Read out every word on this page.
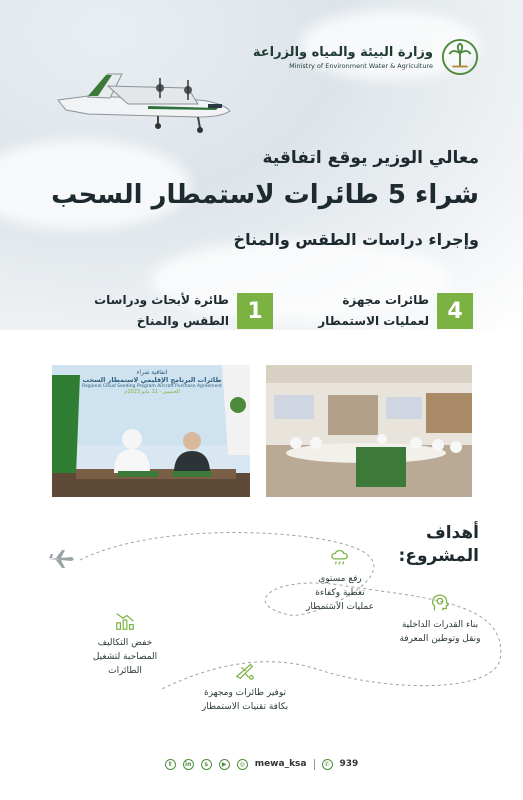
وزارة البيئة والمياه والزراعة
Ministry of Environment Water & Agriculture
معالي الوزير يوقع اتفاقية
شراء 5 طائرات لاستمطار السحب
وإجراء دراسات الطقس والمناخ
4
طائرات مجهزة
لعمليات الاستمطار
1
طائرة لأبحاث ودراسات
الطقس والمناخ
اتفاقية شراء
طائرات البرنامج الإقليمي لاستمطار السحب
Regional Cloud Seeding Program Aircraft Purchase Agreement
الخميس - 11 مايو 2023م
أهداف
المشروع:
رفع مستوى
تغطية وكفاءة
عمليات الاستمطار
بناء القدرات الداخلية
ونقل وتوطين المعرفة
خفض التكاليف
المصاحبة لتشغيل
الطائرات
توفير طائرات ومجهزة
بكافة تقنيات الاستمطار
t	in	s	▶	◎	mewa_ksa	✆	939
